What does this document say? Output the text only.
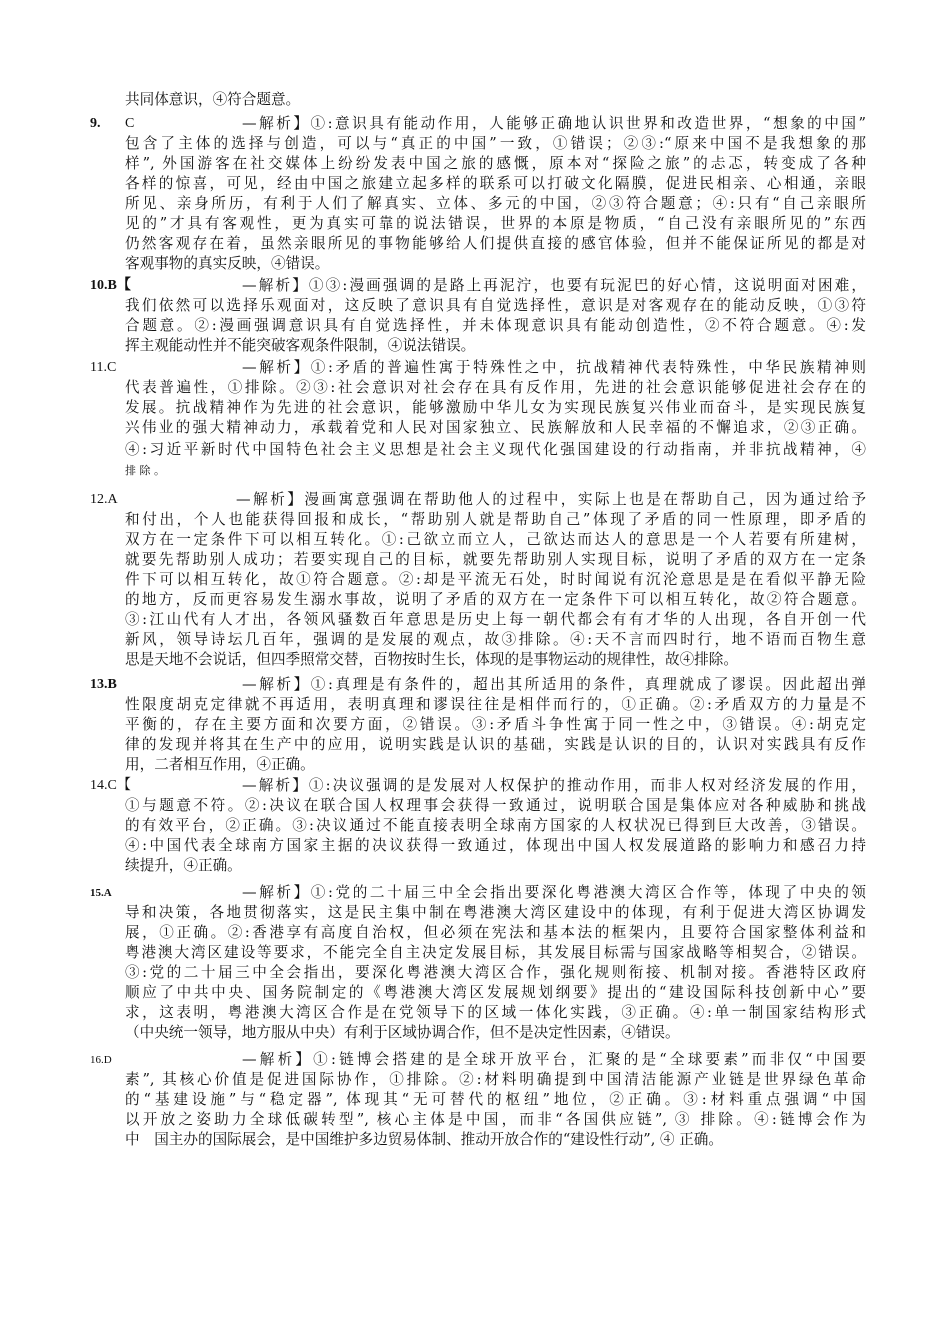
共同体意识，④符合题意。
9. C	—解析】①:意识具有能动作用，人能够正确地认识世界和改造世界，“想象的中国”
包含了主体的选择与创造，可以与“真正的中国”一致，①错误；②③:“原来中国不是我想象的那
样”, 外国游客在社交媒体上纷纷发表中国之旅的感慨，原本对“探险之旅”的忐忑，转变成了各种
各样的惊喜，可见，经由中国之旅建立起多样的联系可以打破文化隔膜，促进民相亲、心相通，亲眼
所见、亲身所历，有利于人们了解真实、立体、多元的中国，②③符合题意；④:只有“自己亲眼所
见的”才具有客观性，更为真实可靠的说法错误，世界的本原是物质，“自己没有亲眼所见的”东西
仍然客观存在着，虽然亲眼所见的事物能够给人们提供直接的感官体验，但并不能保证所见的都是对
客观事物的真实反映，④错误。
10.B【	—解析】①③:漫画强调的是路上再泥泞，也要有玩泥巴的好心情，这说明面对困难，
我们依然可以选择乐观面对，这反映了意识具有自觉选择性，意识是对客观存在的能动反映，①③符
合题意。②:漫画强调意识具有自觉选择性，并未体现意识具有能动创造性，②不符合题意。④:发
挥主观能动性并不能突破客观条件限制，④说法错误。
11.C	—解析】①:矛盾的普遍性寓于特殊性之中，抗战精神代表特殊性，中华民族精神则
代表普遍性，①排除。②③:社会意识对社会存在具有反作用，先进的社会意识能够促进社会存在的
发展。抗战精神作为先进的社会意识，能够激励中华儿女为实现民族复兴伟业而奋斗，是实现民族复
兴伟业的强大精神动力，承载着党和人民对国家独立、民族解放和人民幸福的不懈追求，②③正确。
④:习近平新时代中国特色社会主义思想是社会主义现代化强国建设的行动指南，并非抗战精神，④
排 除 。
12.A	—解析】漫画寓意强调在帮助他人的过程中，实际上也是在帮助自己，因为通过给予
和付出，个人也能获得回报和成长，“帮助别人就是帮助自己”体现了矛盾的同一性原理，即矛盾的
双方在一定条件下可以相互转化。①:己欲立而立人，己欲达而达人的意思是一个人若要有所建树，
就要先帮助别人成功；若要实现自己的目标，就要先帮助别人实现目标，说明了矛盾的双方在一定条
件下可以相互转化，故①符合题意。②:却是平流无石处，时时闻说有沉沦意思是是在看似平静无险
的地方，反而更容易发生溺水事故，说明了矛盾的双方在一定条件下可以相互转化，故②符合题意。
③:江山代有人才出，各领风骚数百年意思是历史上每一朝代都会有有才华的人出现，各自开创一代
新风，领导诗坛几百年，强调的是发展的观点，故③排除。④:天不言而四时行，地不语而百物生意
思是天地不会说话，但四季照常交替，百物按时生长，体现的是事物运动的规律性，故④排除。
13.B	—解析】①:真理是有条件的，超出其所适用的条件，真理就成了谬误。因此超出弹
性限度胡克定律就不再适用，表明真理和谬误往往是相伴而行的，①正确。②:矛盾双方的力量是不
平衡的，存在主要方面和次要方面，②错误。③:矛盾斗争性寓于同一性之中，③错误。④:胡克定
律的发现并将其在生产中的应用，说明实践是认识的基础，实践是认识的目的，认识对实践具有反作
用，二者相互作用，④正确。
14.C【	—解析】①:决议强调的是发展对人权保护的推动作用，而非人权对经济发展的作用，
①与题意不符。②:决议在联合国人权理事会获得一致通过，说明联合国是集体应对各种威胁和挑战
的有效平台，②正确。③:决议通过不能直接表明全球南方国家的人权状况已得到巨大改善，③错误。
④:中国代表全球南方国家主据的决议获得一致通过，体现出中国人权发展道路的影响力和感召力持
续提升，④正确。
15.A	—解析】①:党的二十届三中全会指出要深化粤港澳大湾区合作等，体现了中央的领
导和决策，各地贯彻落实，这是民主集中制在粤港澳大湾区建设中的体现，有利于促进大湾区协调发
展，①正确。②:香港享有高度自治权，但必须在宪法和基本法的框架内，且要符合国家整体利益和
粤港澳大湾区建设等要求，不能完全自主决定发展目标，其发展目标需与国家战略等相契合，②错误。
③:党的二十届三中全会指出，要深化粤港澳大湾区合作，强化规则衔接、机制对接。香港特区政府
顺应了中共中央、国务院制定的《粤港澳大湾区发展规划纲要》提出的“建设国际科技创新中心”要
求，这表明，粤港澳大湾区合作是在党领导下的区域一体化实践，③正确。④:单一制国家结构形式
（中央统一领导，地方服从中央）有利于区域协调合作，但不是决定性因素，④错误。
16.D	—解析】①:链博会搭建的是全球开放平台，汇聚的是“全球要素”而非仅“中国要
素”, 其核心价值是促进国际协作，①排除。②:材料明确提到中国清洁能源产业链是世界绿色革命
的“基建设施”与“稳定器”, 体现其“无可替代的枢纽”地位，②正确。③:材料重点强调“中国
以开放之姿助力全球低碳转型”, 核心主体是中国，而非“各国供应链”, ③ 排除。④:链博会作为
中　国主办的国际展会，是中国维护多边贸易体制、推动开放合作的“建设性行动”, ④ 正确。
